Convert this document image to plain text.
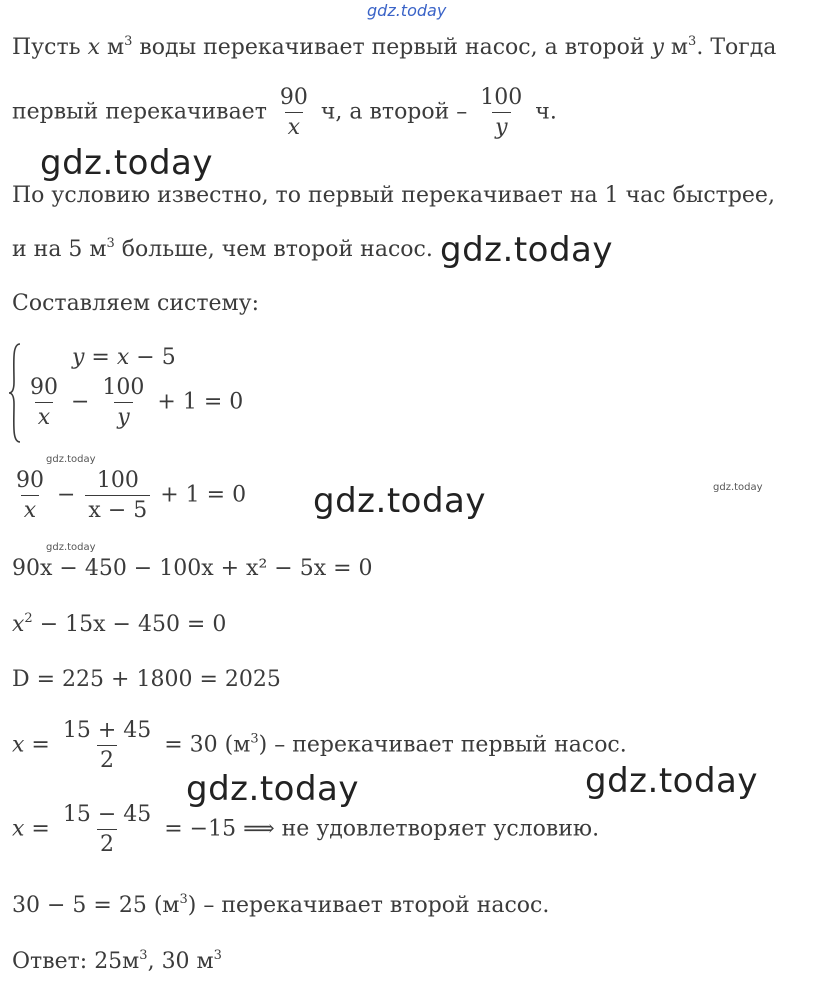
gdz.today
gdz.today
gdz.today
gdz.today
gdz.today	gdz.today
gdz.today
gdz.today	gdz.today
Пусть x $м^3$ воды перекачивает первый насос, а второй y $м^3$. Тогда
первый перекачивает $\frac{90}{x} ч$, а второй – $\frac{100}{y} ч$.
По условию известно, то первый перекачивает на 1 час быстрее,
и на 5 $м^3$ больше, чем второй насос.
Составляем систему:
y = x − 5
$\frac{90}{x} - \frac{100}{y} + 1 = 0$
$\frac{90}{x} - \frac{100}{x - 5} + 1 = 0$
90x − 450 − 100x + x² − 5x = 0
$x^2 - 15x - 450 = 0$
D = 225 + 1800 = 2025
$x = \frac{15 + 45}{2} = 30$ $(м^3)$ – перекачивает первый насос.
$x = \frac{15 - 45}{2} = -15$ ⟹ не удовлетворяет условию.
30 − 5 = 25 $(м^3)$ – перекачивает второй насос.
Ответ: $25м^3$, 30 $м^3$
